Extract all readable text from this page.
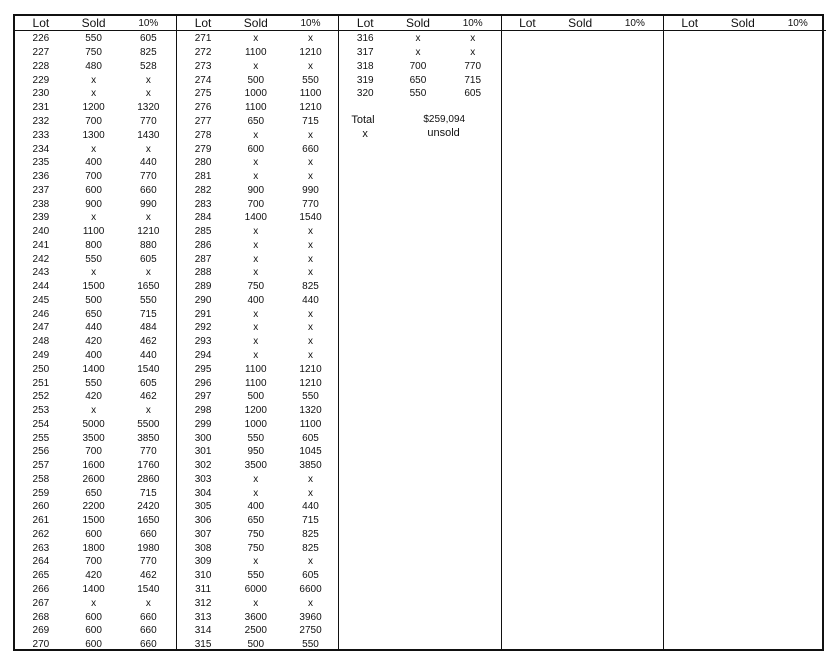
Lot	Sold	10%
226	550	605
227	750	825
228	480	528
229	x	x
230	x	x
231	1200	1320
232	700	770
233	1300	1430
234	x	x
235	400	440
236	700	770
237	600	660
238	900	990
239	x	x
240	1100	1210
241	800	880
242	550	605
243	x	x
244	1500	1650
245	500	550
246	650	715
247	440	484
248	420	462
249	400	440
250	1400	1540
251	550	605
252	420	462
253	x	x
254	5000	5500
255	3500	3850
256	700	770
257	1600	1760
258	2600	2860
259	650	715
260	2200	2420
261	1500	1650
262	600	660
263	1800	1980
264	700	770
265	420	462
266	1400	1540
267	x	x
268	600	660
269	600	660
270	600	660
Lot	Sold	10%
271	x	x
272	1100	1210
273	x	x
274	500	550
275	1000	1100
276	1100	1210
277	650	715
278	x	x
279	600	660
280	x	x
281	x	x
282	900	990
283	700	770
284	1400	1540
285	x	x
286	x	x
287	x	x
288	x	x
289	750	825
290	400	440
291	x	x
292	x	x
293	x	x
294	x	x
295	1100	1210
296	1100	1210
297	500	550
298	1200	1320
299	1000	1100
300	550	605
301	950	1045
302	3500	3850
303	x	x
304	x	x
305	400	440
306	650	715
307	750	825
308	750	825
309	x	x
310	550	605
311	6000	6600
312	x	x
313	3600	3960
314	2500	2750
315	500	550
Lot	Sold	10%
316	x	x
317	x	x
318	700	770
319	650	715
320	550	605
Total	$259,094
x	unsold
Lot	Sold	10%	Lot	Sold	10%
